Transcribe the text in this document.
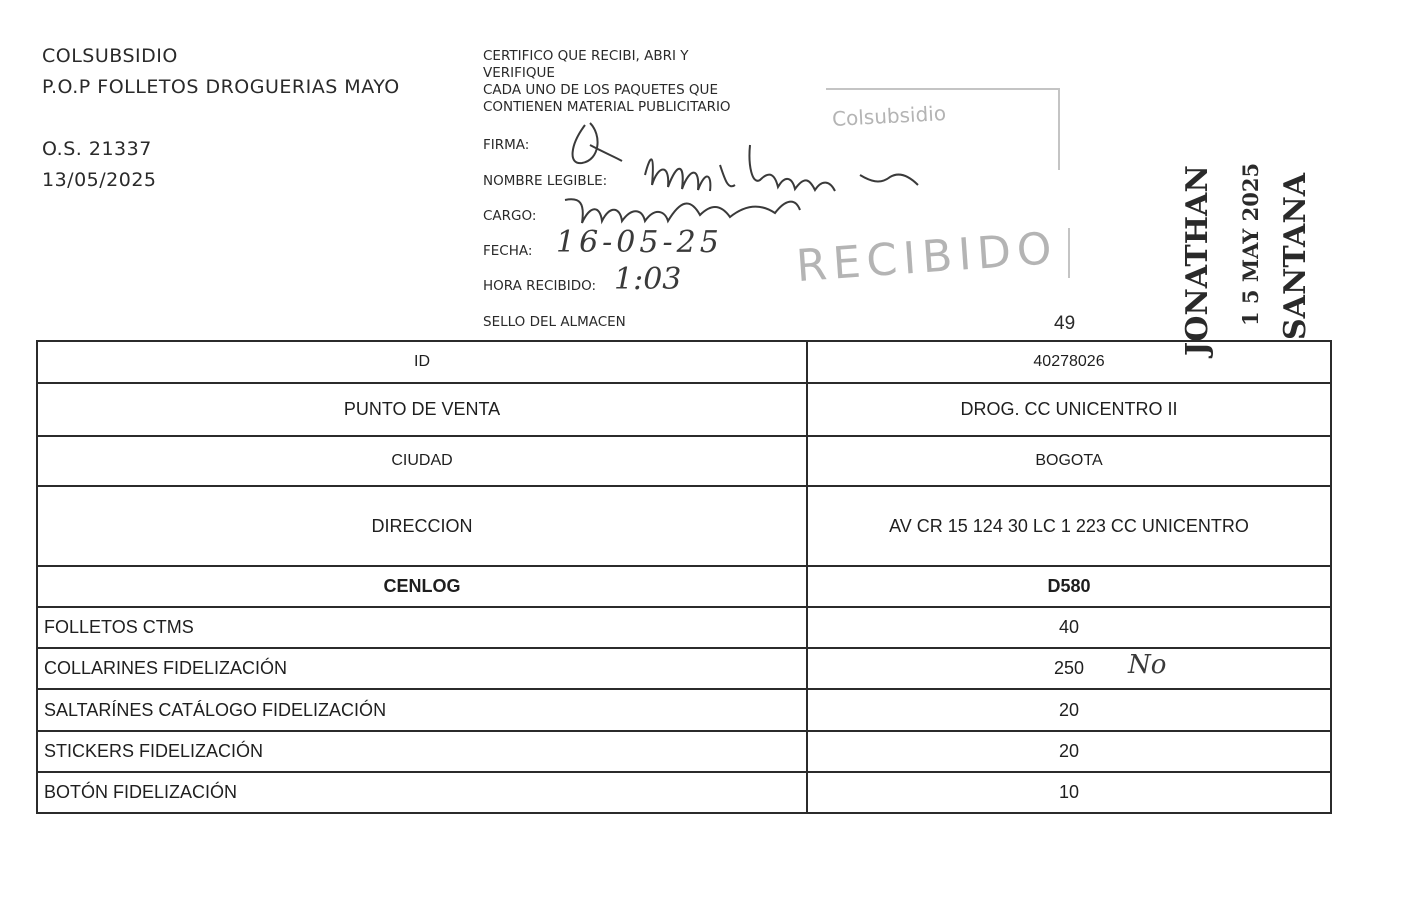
COLSUBSIDIO
P.O.P FOLLETOS DROGUERIAS MAYO
O.S. 21337
13/05/2025
CERTIFICO QUE RECIBI, ABRI Y
VERIFIQUE
CADA UNO DE LOS PAQUETES QUE
CONTIENEN MATERIAL PUBLICITARIO
FIRMA:
NOMBRE LEGIBLE:
CARGO:
FECHA:
HORA RECIBIDO:
SELLO DEL ALMACEN
16-05-25
1:03
No
Colsubsidio
RECIBIDO
49	JONATHAN 1 5 MAY 2025 SANTANA
ID	40278026
PUNTO DE VENTA	DROG. CC UNICENTRO II
CIUDAD	BOGOTA
DIRECCION	AV CR 15 124 30 LC 1 223 CC UNICENTRO
CENLOG	D580
FOLLETOS CTMS	40
COLLARINES FIDELIZACIÓN	250
SALTARÍNES CATÁLOGO FIDELIZACIÓN	20
STICKERS FIDELIZACIÓN	20
BOTÓN FIDELIZACIÓN	10
